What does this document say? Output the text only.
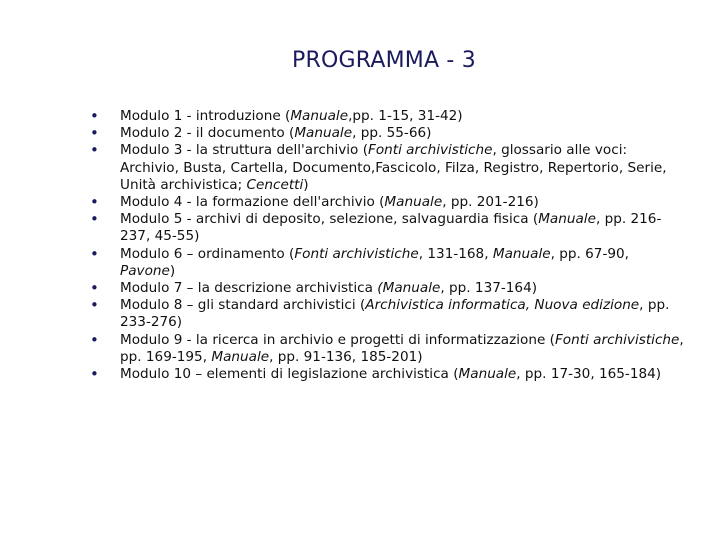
PROGRAMMA - 3
• Modulo 1 - introduzione (Manuale,pp. 1-15, 31-42)
• Modulo 2 - il documento (Manuale, pp. 55-66)
• Modulo 3 - la struttura dell'archivio (Fonti archivistiche, glossario alle voci: Archivio, Busta, Cartella, Documento,Fascicolo, Filza, Registro, Repertorio, Serie, Unità archivistica; Cencetti)
• Modulo 4 - la formazione dell'archivio (Manuale, pp. 201-216)
• Modulo 5 - archivi di deposito, selezione, salvaguardia fisica (Manuale, pp. 216-237, 45-55)
• Modulo 6 – ordinamento (Fonti archivistiche, 131-168, Manuale, pp. 67-90, Pavone)
• Modulo 7 – la descrizione archivistica (Manuale, pp. 137-164)
• Modulo 8 – gli standard archivistici (Archivistica informatica, Nuova edizione, pp. 233-276)
• Modulo 9 - la ricerca in archivio e progetti di informatizzazione (Fonti archivistiche, pp. 169-195, Manuale, pp. 91-136, 185-201)
• Modulo 10 – elementi di legislazione archivistica (Manuale, pp. 17-30, 165-184)
